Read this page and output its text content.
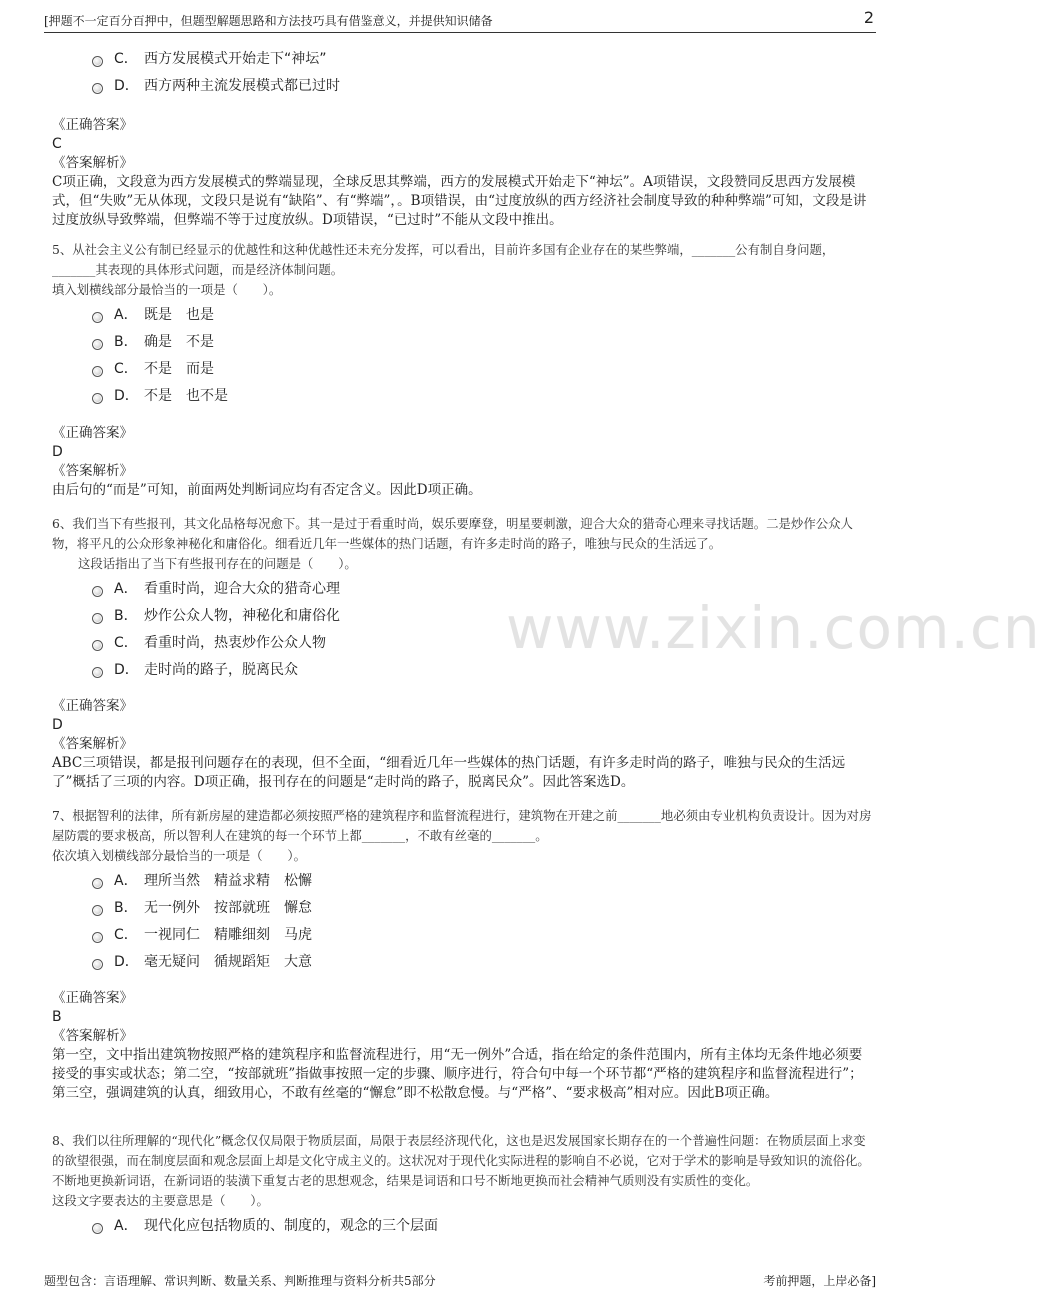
[押题不一定百分百押中，但题型解题思路和方法技巧具有借鉴意义，并提供知识储备	2
www.zixin.com.cn
C． 西方发展模式开始走下“神坛”
D． 西方两种主流发展模式都已过时

《正确答案》

C

《答案解析》

C项正确，文段意为西方发展模式的弊端显现，全球反思其弊端，西方的发展模式开始走下“神坛”。A项错误，文段赞同反思西方发展模式，但“失败”无从体现，文段只是说有“缺陷”、有“弊端”，。B项错误，由“过度放纵的西方经济社会制度导致的种种弊端”可知，文段是讲过度放纵导致弊端，但弊端不等于过度放纵。D项错误，“已过时”不能从文段中推出。

5、从社会主义公有制已经显示的优越性和这种优越性还未充分发挥，可以看出，目前许多国有企业存在的某些弊端，_______公有制自身问题，_______其表现的具体形式问题，而是经济体制问题。

填入划横线部分最恰当的一项是（　　）。

A． 既是　也是
B． 确是　不是
C． 不是　而是
D． 不是　也不是

《正确答案》

D

《答案解析》

由后句的“而是”可知，前面两处判断词应均有否定含义。因此D项正确。

6、我们当下有些报刊，其文化品格每况愈下。其一是过于看重时尚，娱乐要摩登，明星要刺激，迎合大众的猎奇心理来寻找话题。二是炒作公众人物，将平凡的公众形象神秘化和庸俗化。细看近几年一些媒体的热门话题，有许多走时尚的路子，唯独与民众的生活远了。

这段话指出了当下有些报刊存在的问题是（　　）。

A． 看重时尚，迎合大众的猎奇心理
B． 炒作公众人物，神秘化和庸俗化
C． 看重时尚，热衷炒作公众人物
D． 走时尚的路子，脱离民众

《正确答案》

D

《答案解析》

ABC三项错误，都是报刊问题存在的表现，但不全面，“细看近几年一些媒体的热门话题，有许多走时尚的路子，唯独与民众的生活远了”概括了三项的内容。D项正确，报刊存在的问题是“走时尚的路子，脱离民众”。因此答案选D。

7、根据智利的法律，所有新房屋的建造都必须按照严格的建筑程序和监督流程进行，建筑物在开建之前_______地必须由专业机构负责设计。因为对房屋防震的要求极高，所以智利人在建筑的每一个环节上都_______，不敢有丝毫的_______。

依次填入划横线部分最恰当的一项是（　　）。

A． 理所当然　精益求精　松懈
B． 无一例外　按部就班　懈怠
C． 一视同仁　精雕细刻　马虎
D． 毫无疑问　循规蹈矩　大意

《正确答案》

B

《答案解析》

第一空，文中指出建筑物按照严格的建筑程序和监督流程进行，用“无一例外”合适，指在给定的条件范围内，所有主体均无条件地必须要接受的事实或状态；第二空，“按部就班”指做事按照一定的步骤、顺序进行，符合句中每一个环节都“严格的建筑程序和监督流程进行”；第三空，强调建筑的认真，细致用心，不敢有丝毫的“懈怠”即不松散怠慢。与“严格”、“要求极高”相对应。因此B项正确。

8、我们以往所理解的“现代化”概念仅仅局限于物质层面，局限于表层经济现代化，这也是迟发展国家长期存在的一个普遍性问题：在物质层面上求变的欲望很强，而在制度层面和观念层面上却是文化守成主义的。这状况对于现代化实际进程的影响自不必说，它对于学术的影响是导致知识的流俗化。不断地更换新词语，在新词语的装潢下重复古老的思想观念，结果是词语和口号不断地更换而社会精神气质则没有实质性的变化。

这段文字要表达的主要意思是（　　）。

A． 现代化应包括物质的、制度的，观念的三个层面
题型包含：言语理解、常识判断、数量关系、判断推理与资料分析共5部分	考前押题，上岸必备]
